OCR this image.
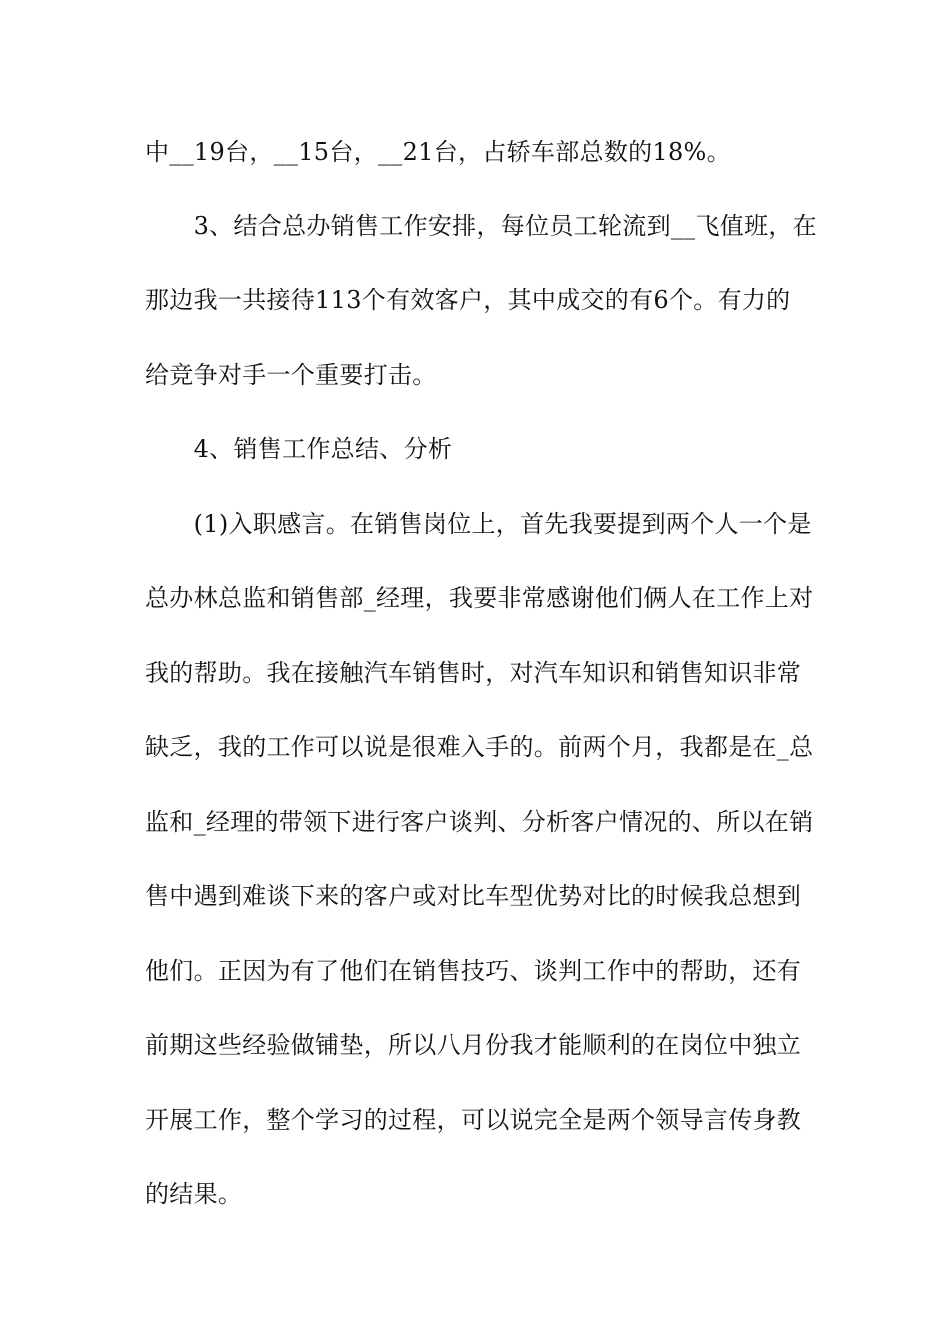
中__19台，__15台，__21台，占轿车部总数的18%。
　　3、结合总办销售工作安排，每位员工轮流到__飞值班，在
那边我一共接待113个有效客户，其中成交的有6个。有力的
给竞争对手一个重要打击。
　　4、销售工作总结、分析
　　(1)入职感言。在销售岗位上，首先我要提到两个人一个是
总办林总监和销售部_经理，我要非常感谢他们俩人在工作上对
我的帮助。我在接触汽车销售时，对汽车知识和销售知识非常
缺乏，我的工作可以说是很难入手的。前两个月，我都是在_总
监和_经理的带领下进行客户谈判、分析客户情况的、所以在销
售中遇到难谈下来的客户或对比车型优势对比的时候我总想到
他们。正因为有了他们在销售技巧、谈判工作中的帮助，还有
前期这些经验做铺垫，所以八月份我才能顺利的在岗位中独立
开展工作，整个学习的过程，可以说完全是两个领导言传身教
的结果。
